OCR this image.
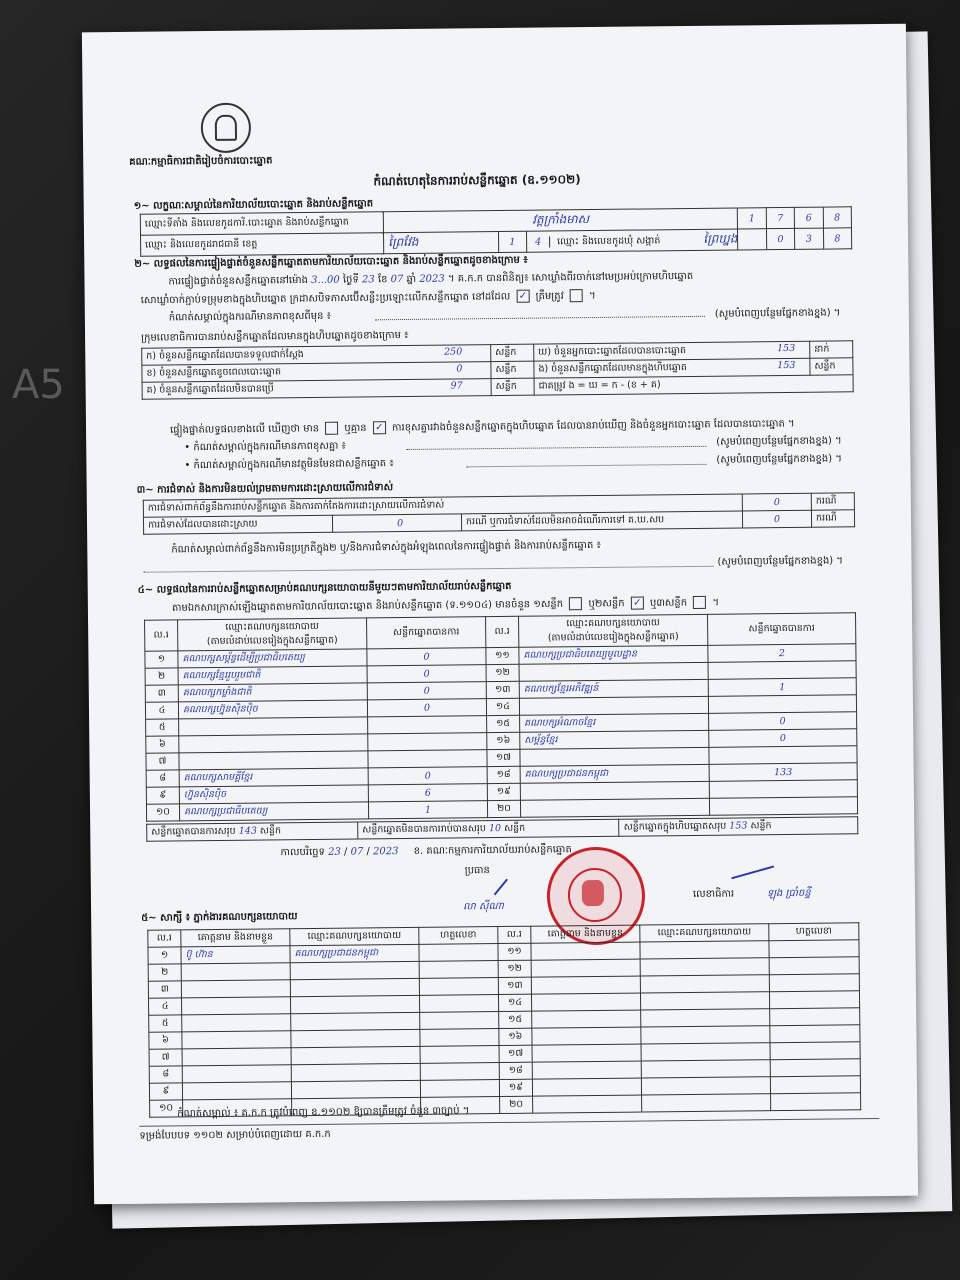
A5
គណៈកម្មាធិការជាតិរៀបចំការបោះឆ្នោត
កំណត់ហេតុនៃការរាប់សន្លឹកឆ្នោត (ឧ.១១០២)
១~ លក្ខណៈសម្គាល់នៃការិយាល័យបោះឆ្នោត និងរាប់សន្លឹកឆ្នោត
ឈ្មោះទីតាំង និងលេខកូដការិ.បោះឆ្នោត និងរាប់សន្លឹកឆ្នោត	វត្តក្រាំងមាស			1	7	6	8
ឈ្មោះ និងលេខកូដរាជធានី ខេត្ត	ព្រៃវែង	1	4 ឈ្មោះ និងលេខកូដឃុំ សង្កាត់ ព្រៃឃ្នង		0	3	8
២~ លទ្ធផលនៃការផ្ទៀងផ្ទាត់ចំនួនសន្លឹកឆ្នោតតាមការិយាល័យបោះឆ្នោត និងរាប់សន្លឹកឆ្នោតដូចខាងក្រោម ៖
ការផ្ទៀងផ្ទាត់ចំនួនសន្លឹកឆ្នោតនៅម៉ោង 3...00 ថ្ងៃទី 23 ខែ 07 ឆ្នាំ 2023 ។ គ.ក.ក បានពិនិត្យ៖ សោឃ្លាំងពីរចាក់នៅមេប្រអប់ក្រោមហិបឆ្នោត
សោឃ្លាំចាក់ភ្ជាប់ទម្រុមខាងក្នុងហិបឆ្នោត ក្រដាសបិទភាសប៊ើសន្លឹះប្រឡោះលើកសន្លឹកឆ្នោត នៅដដែល ✓ ត្រឹមត្រូវ	។
កំណត់សម្គាល់ក្នុងករណីមានភាពខុសពីមុន ៖	(សូមបំពេញបន្ថែមផ្នែកខាងខ្នង) ។
ក្រុមលេខាធិការ​បាន​រាប់​សន្លឹក​ឆ្នោត​ដែល​មាន​ក្នុង​ហិប​ឆ្នោត​ដូច​ខាង​ក្រោម ៖
ក) ចំនួនសន្លឹកឆ្នោតដែលបានទទួលជាក់ស្តែង 250	សន្លឹក	ឃ) ចំនួនអ្នកបោះឆ្នោតដែលបានបោះឆ្នោត 153	នាក់
ខ) ចំនួនសន្លឹកឆ្នោតខូចពេលបោះឆ្នោត 0	សន្លឹក	ង) ចំនួនសន្លឹកឆ្នោតដែលមានក្នុងហិបឆ្នោត 153	សន្លឹក
គ) ចំនួនសន្លឹកឆ្នោតដែលមិនបានប្រើ 97	សន្លឹក	ជាគម្រូវ ង = ឃ = ក - (ខ + គ)	
ផ្ទៀងផ្ទាត់លទ្ធផលខាងលើ ឃើញថា មាន	ឬគ្មាន ✓ ការខុសគ្នារវាងចំនួនសន្លឹកឆ្នោតក្នុងហិបឆ្នោត ដែលបានរាប់ឃើញ និងចំនួនអ្នកបោះឆ្នោត ដែលបានបោះឆ្នោត ។
• កំណត់សម្គាល់ក្នុងករណីមានភាពខុសគ្នា ៖	(សូមបំពេញបន្ថែមផ្នែកខាងខ្នង) ។
• កំណត់សម្គាល់ក្នុងករណីមានវត្ថុមិនមែនជាសន្លឹកឆ្នោត ៖	(សូមបំពេញបន្ថែមផ្នែកខាងខ្នង) ។
៣~ ការជំទាស់ និងការមិនយល់ព្រមតាមការដោះស្រាយលើការជំទាស់
ការជំទាស់ពាក់ព័ន្ធនឹងការរាប់សន្លឹកឆ្នោត និងការតាក់តែងការដោះស្រាយលើការជំទាស់			0	ករណី
ការជំទាស់ដែលបានដោះស្រាយ	0	ករណី ឬការជំទាស់ដែលមិនអាចដំណើរការទៅ គ.ឃ.សប	0	ករណី
កំណត់សម្គាល់ពាក់ព័ន្ធនឹងការមិនប្រក្រតីក្នុង២ ឬ/និងការជំទាស់ក្នុងអំឡុងពេលនៃការផ្ទៀងផ្ទាត់ និងការរាប់សន្លឹកឆ្នោត ៖
(សូមបំពេញបន្ថែមផ្នែកខាងខ្នង) ។
៤~ លទ្ធផលនៃការរាប់សន្លឹកឆ្នោតសម្រាប់គណបក្សនយោបាយនីមួយៗតាមការិយាល័យរាប់សន្លឹកឆ្នោត
តាមឯកសារក្រាស់ឡើងឆ្នោតតាមការិយាល័យបោះឆ្នោត និងរាប់សន្លឹកឆ្នោត (ទ.១១០៤) មានចំនួន ១សន្លឹក	ឬ២សន្លឹក ✓ ឬ៣សន្លឹក	។
ល.រ	ឈ្មោះគណបក្សនយោបាយ
(តាមលំដាប់លេខរៀងក្នុងសន្លឹកឆ្នោត)	សន្លឹកឆ្នោតបានការ	ល.រ	ឈ្មោះគណបក្សនយោបាយ
(តាមលំដាប់លេខរៀងក្នុងសន្លឹកឆ្នោត)	សន្លឹកឆ្នោតបានការ
១	គណបក្សសម្ព័ន្ធដើម្បីប្រជាធិបតេយ្យ	0	១១	គណបក្សប្រជាធិបតេយ្យមូលដ្ឋាន	2
២	គណបក្សខ្មែររួបរួមជាតិ	0	១២		
៣	គណបក្សកម្លាំងជាតិ	0	១៣	គណបក្សខ្មែរអភិវឌ្ឍន៍	1
៤	គណបក្សហ្វ៊ុនស៊ិនប៉ិច	0	១៤		
៥			១៥	គណបក្សអំណាចខ្មែរ	0
៦			១៦	សម្ព័ន្ធខ្មែរ	0
៧			១៧		
៨	គណបក្សសាមគ្គីខ្មែរ	0	១៨	គណបក្សប្រជាជនកម្ពុជា	133
៩	ហ្វ៊ុនស៊ិនប៉ិច	6	១៩		
១០	គណបក្សប្រជាធិបតេយ្យ	1	២០		
សន្លឹកឆ្នោតបានការសរុប 143 សន្លឹក	សន្លឹកឆ្នោតមិនបានការរាប់បានសរុប 10 សន្លឹក	សន្លឹកឆ្នោតក្នុងហិបឆ្នោតសរុប 153 សន្លឹក
កាលបរិច្ឆេទ 23 / 07 / 2023 ខ. គណៈកម្មការការិយាល័យរាប់សន្លឹកឆ្នោត
ប្រធាន
លា ស៊ីណា
លេខាធិការ	ឡុង ប្រាំចន្ទី
៥~ សាក្សី ៖ ភ្នាក់ងារគណបក្សនយោបាយ
ល.រ	គោត្តនាម និងនាមខ្លួន	ឈ្មោះគណបក្សនយោបាយ	ហត្ថលេខា	ល.រ	គោត្តនាម និងនាមខ្លួន	ឈ្មោះគណបក្សនយោបាយ	ហត្ថលេខា
១	ប៊ូ ហ៊ាន	គណបក្សប្រជាជនកម្ពុជា		១១			
២				១២			
៣				១៣			
៤				១៤			
៥				១៥			
៦				១៦			
៧				១៧			
៨				១៨			
៩				១៩			
១០				២០			
កំណត់សម្គាល់ ៖ គ.ក.ក ត្រូវបំពេញ ឧ.១១០២ ឱ្យបានត្រឹមត្រូវ ចំនួន ៣ច្បាប់ ។
ទម្រង់បែបបទ ១១០២ សម្រាប់បំពេញដោយ គ.ក.ក
